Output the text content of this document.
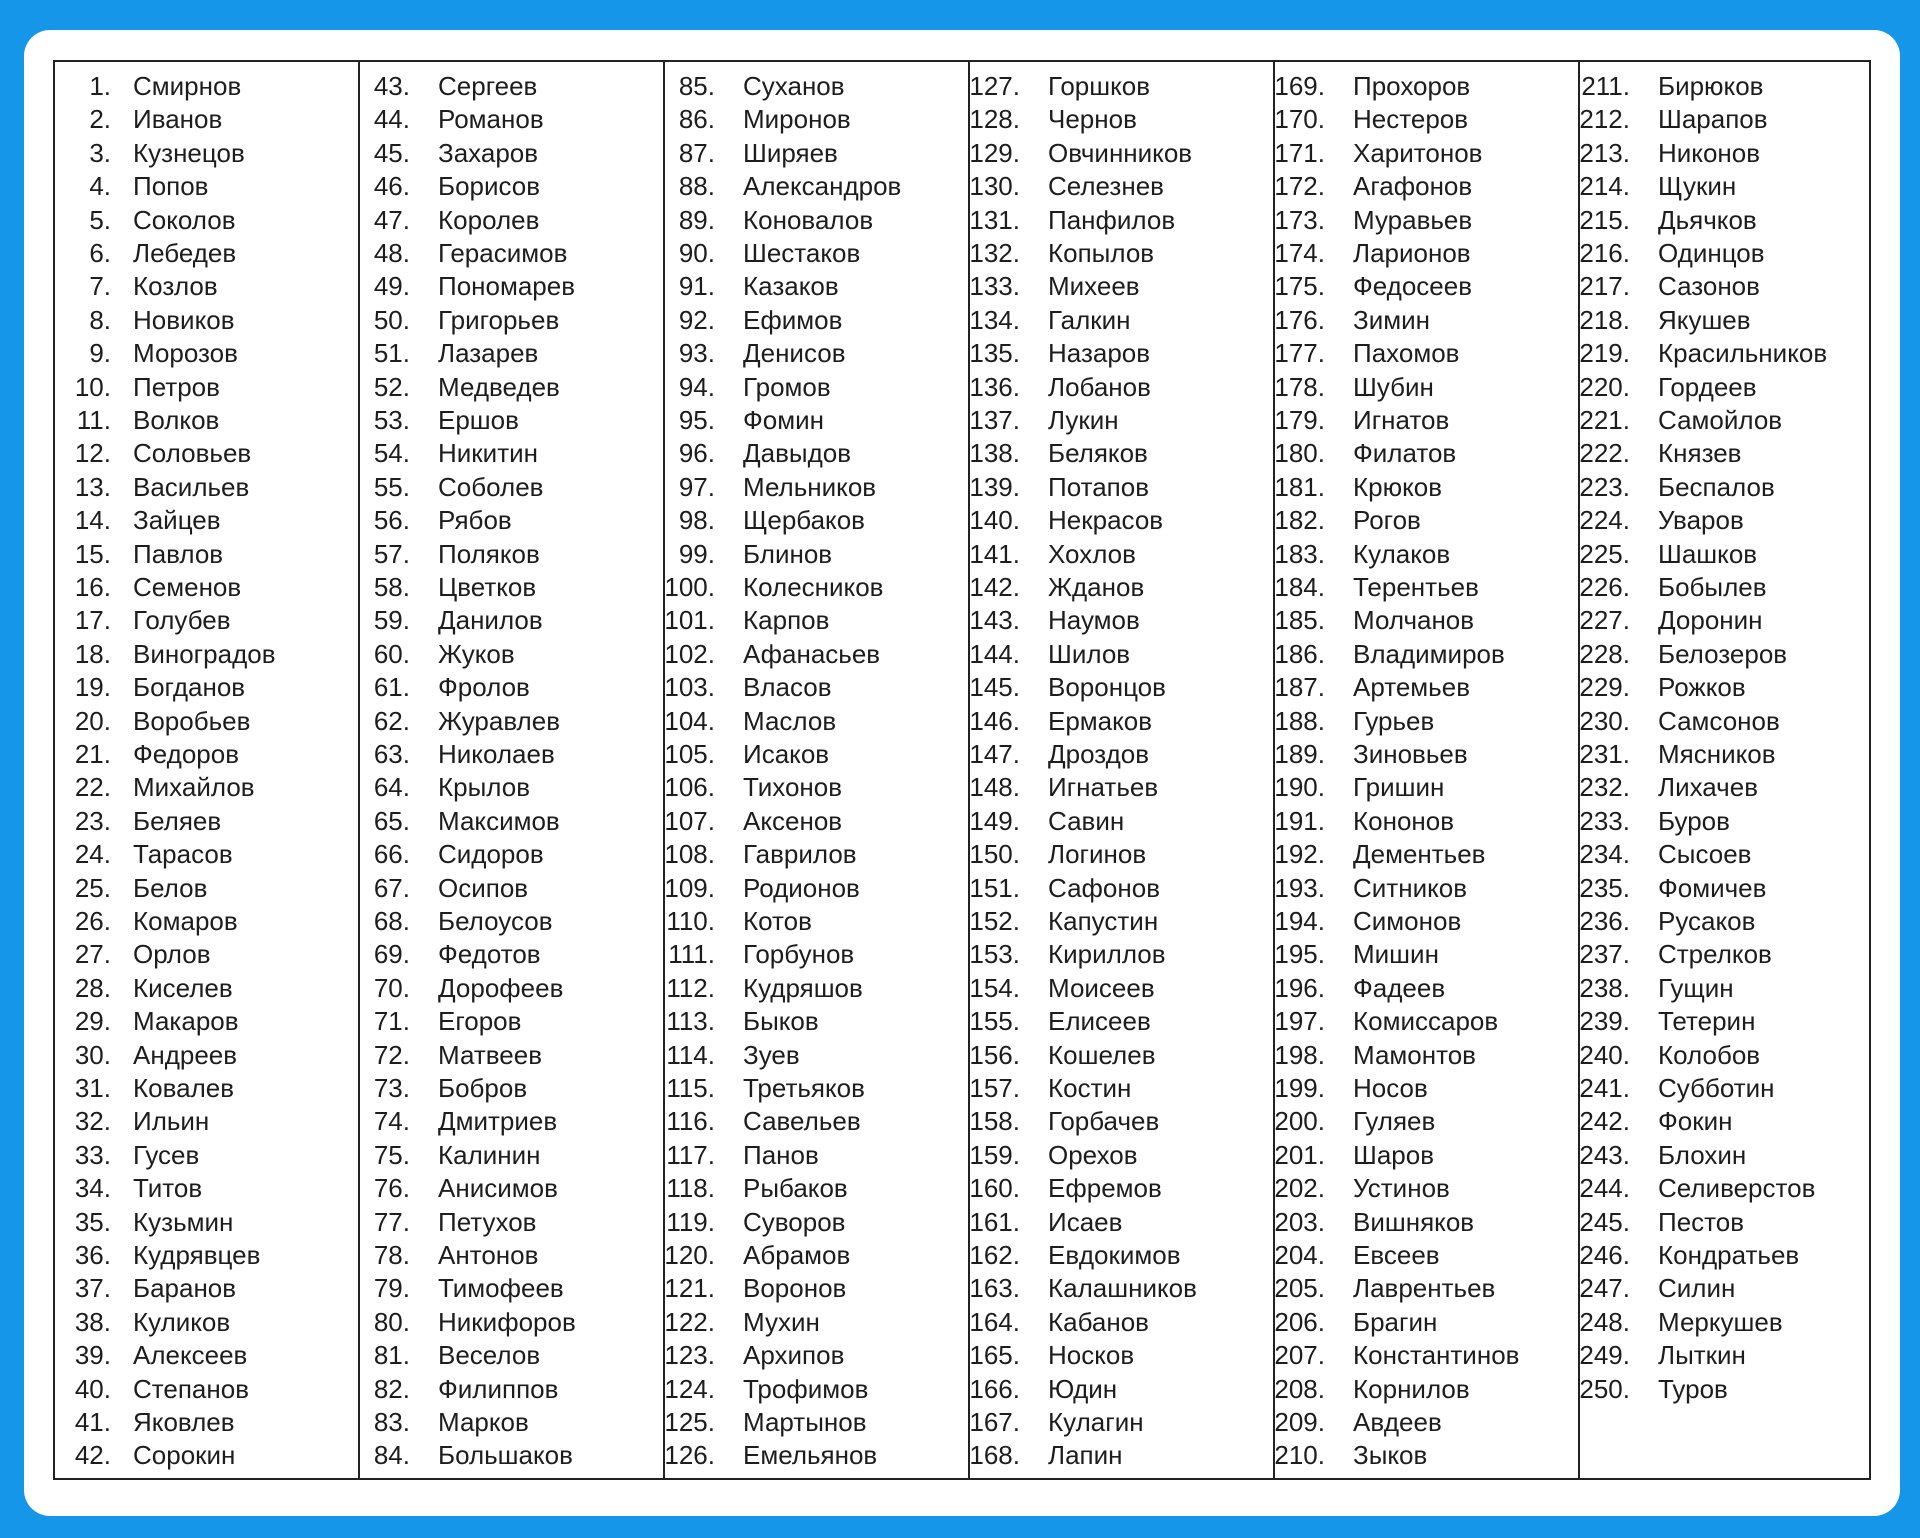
1. Смирнов
2. Иванов
3. Кузнецов
4. Попов
5. Соколов
6. Лебедев
7. Козлов
8. Новиков
9. Морозов
10. Петров
11. Волков
12. Соловьев
13. Васильев
14. Зайцев
15. Павлов
16. Семенов
17. Голубев
18. Виноградов
19. Богданов
20. Воробьев
21. Федоров
22. Михайлов
23. Беляев
24. Тарасов
25. Белов
26. Комаров
27. Орлов
28. Киселев
29. Макаров
30. Андреев
31. Ковалев
32. Ильин
33. Гусев
34. Титов
35. Кузьмин
36. Кудрявцев
37. Баранов
38. Куликов
39. Алексеев
40. Степанов
41. Яковлев
42. Сорокин
43. Сергеев
44. Романов
45. Захаров
46. Борисов
47. Королев
48. Герасимов
49. Пономарев
50. Григорьев
51. Лазарев
52. Медведев
53. Ершов
54. Никитин
55. Соболев
56. Рябов
57. Поляков
58. Цветков
59. Данилов
60. Жуков
61. Фролов
62. Журавлев
63. Николаев
64. Крылов
65. Максимов
66. Сидоров
67. Осипов
68. Белоусов
69. Федотов
70. Дорофеев
71. Егоров
72. Матвеев
73. Бобров
74. Дмитриев
75. Калинин
76. Анисимов
77. Петухов
78. Антонов
79. Тимофеев
80. Никифоров
81. Веселов
82. Филиппов
83. Марков
84. Большаков
85. Суханов
86. Миронов
87. Ширяев
88. Александров
89. Коновалов
90. Шестаков
91. Казаков
92. Ефимов
93. Денисов
94. Громов
95. Фомин
96. Давыдов
97. Мельников
98. Щербаков
99. Блинов
100. Колесников
101. Карпов
102. Афанасьев
103. Власов
104. Маслов
105. Исаков
106. Тихонов
107. Аксенов
108. Гаврилов
109. Родионов
110. Котов
111. Горбунов
112. Кудряшов
113. Быков
114. Зуев
115. Третьяков
116. Савельев
117. Панов
118. Рыбаков
119. Суворов
120. Абрамов
121. Воронов
122. Мухин
123. Архипов
124. Трофимов
125. Мартынов
126. Емельянов
127. Горшков
128. Чернов
129. Овчинников
130. Селезнев
131. Панфилов
132. Копылов
133. Михеев
134. Галкин
135. Назаров
136. Лобанов
137. Лукин
138. Беляков
139. Потапов
140. Некрасов
141. Хохлов
142. Жданов
143. Наумов
144. Шилов
145. Воронцов
146. Ермаков
147. Дроздов
148. Игнатьев
149. Савин
150. Логинов
151. Сафонов
152. Капустин
153. Кириллов
154. Моисеев
155. Елисеев
156. Кошелев
157. Костин
158. Горбачев
159. Орехов
160. Ефремов
161. Исаев
162. Евдокимов
163. Калашников
164. Кабанов
165. Носков
166. Юдин
167. Кулагин
168. Лапин
169. Прохоров
170. Нестеров
171. Харитонов
172. Агафонов
173. Муравьев
174. Ларионов
175. Федосеев
176. Зимин
177. Пахомов
178. Шубин
179. Игнатов
180. Филатов
181. Крюков
182. Рогов
183. Кулаков
184. Терентьев
185. Молчанов
186. Владимиров
187. Артемьев
188. Гурьев
189. Зиновьев
190. Гришин
191. Кононов
192. Дементьев
193. Ситников
194. Симонов
195. Мишин
196. Фадеев
197. Комиссаров
198. Мамонтов
199. Носов
200. Гуляев
201. Шаров
202. Устинов
203. Вишняков
204. Евсеев
205. Лаврентьев
206. Брагин
207. Константинов
208. Корнилов
209. Авдеев
210. Зыков
211. Бирюков
212. Шарапов
213. Никонов
214. Щукин
215. Дьячков
216. Одинцов
217. Сазонов
218. Якушев
219. Красильников
220. Гордеев
221. Самойлов
222. Князев
223. Беспалов
224. Уваров
225. Шашков
226. Бобылев
227. Доронин
228. Белозеров
229. Рожков
230. Самсонов
231. Мясников
232. Лихачев
233. Буров
234. Сысоев
235. Фомичев
236. Русаков
237. Стрелков
238. Гущин
239. Тетерин
240. Колобов
241. Субботин
242. Фокин
243. Блохин
244. Селиверстов
245. Пестов
246. Кондратьев
247. Силин
248. Меркушев
249. Лыткин
250. Туров
